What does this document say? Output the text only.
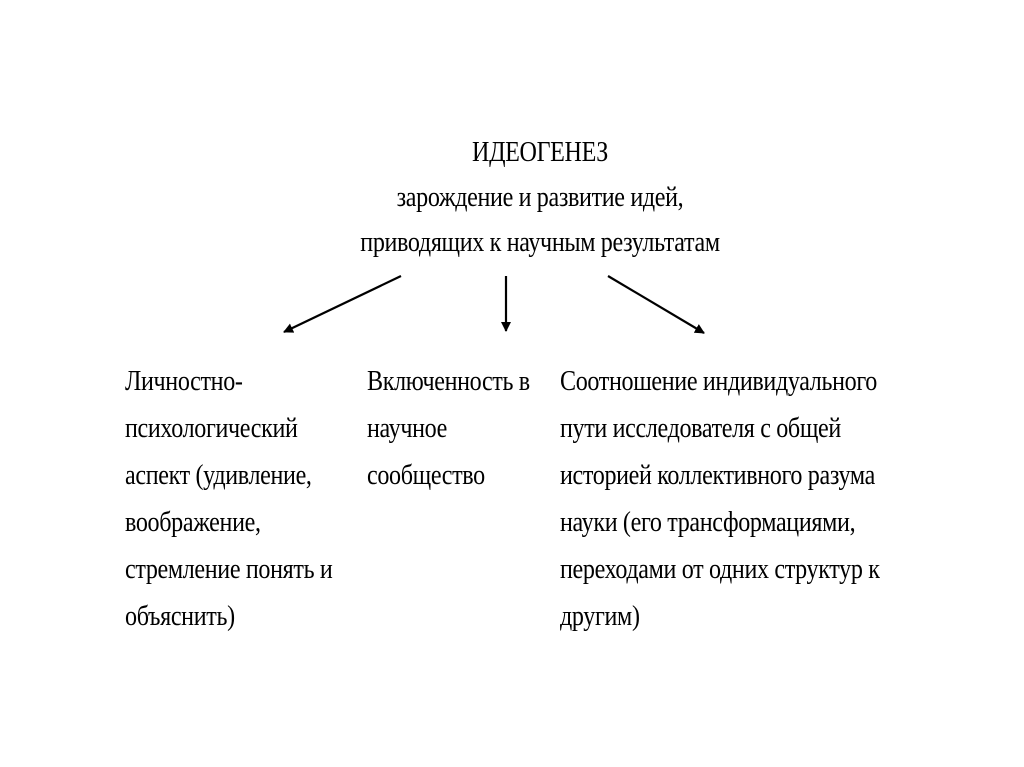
ИДЕОГЕНЕЗ
зарождение и развитие идей,
приводящих к научным результатам
Личностно-
психологический
аспект (удивление,
воображение,
стремление понять и
объяснить)
Включенность в
научное
сообщество
Соотношение индивидуального
пути исследователя с общей
историей коллективного разума
науки (его трансформациями,
переходами от одних структур к
другим)
